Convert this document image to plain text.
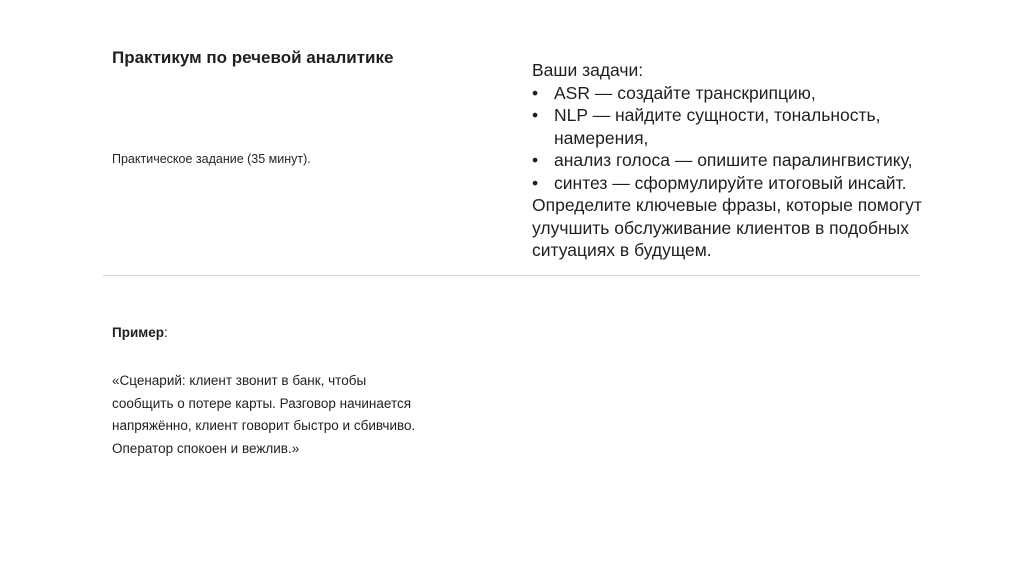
Практикум по речевой аналитике
Практическое задание (35 минут).
Ваши задачи:
• ASR — создайте транскрипцию,
• NLP — найдите сущности, тональность, намерения,
• анализ голоса — опишите паралингвистику,
• синтез — сформулируйте итоговый инсайт.
Определите ключевые фразы, которые помогут улучшить обслуживание клиентов в подобных ситуациях в будущем.
Пример:
«Сценарий: клиент звонит в банк, чтобы сообщить о потере карты. Разговор начинается напряжённо, клиент говорит быстро и сбивчиво. Оператор спокоен и вежлив.»
